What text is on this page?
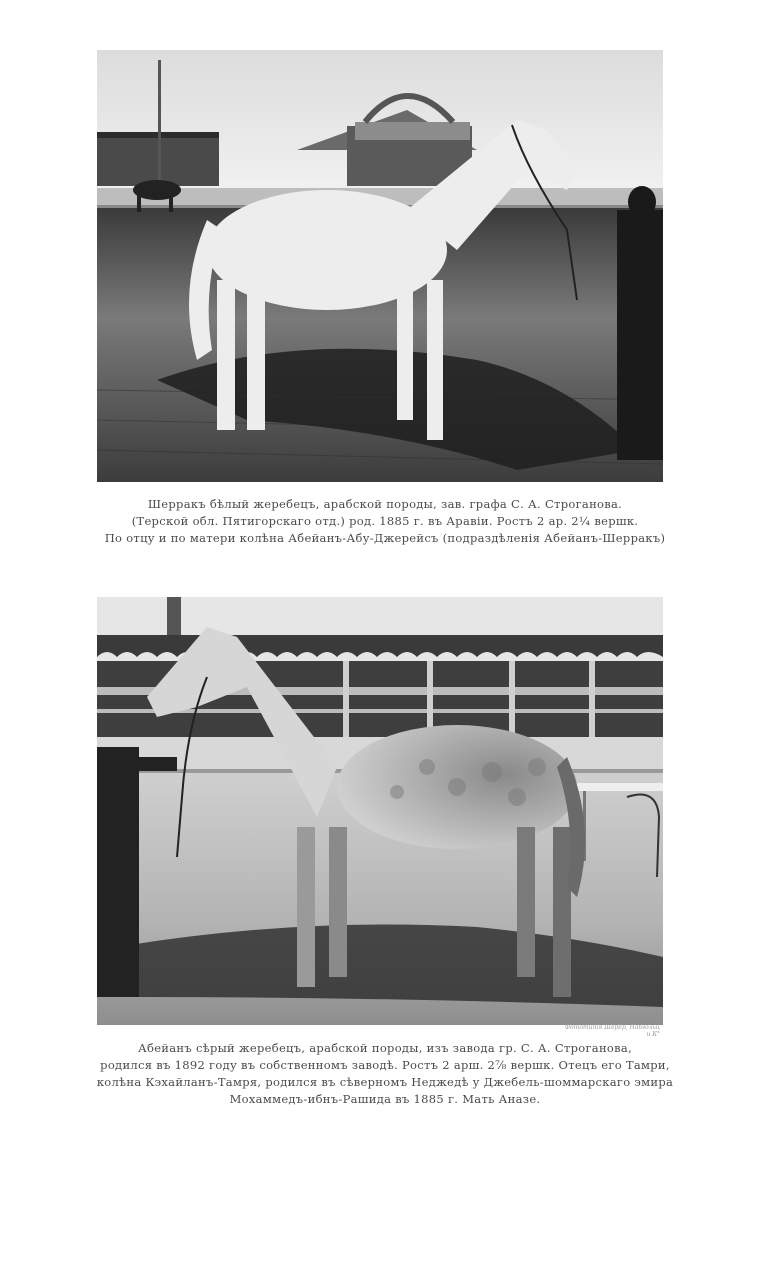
Шерракъ бѣлый жеребецъ, арабской породы, зав. графа С. А. Строганова.
(Терской обл. Пятигорскаго отд.) род. 1885 г. въ Аравіи. Ростъ 2 ар. 2¼ вершк.
По отцу и по матери колѣна Абейанъ-Абу-Джерейсъ (подраздѣленія Абейанъ-Шерракъ)
Фототипія Шерер, Набгольц и К°
Абейанъ сѣрый жеребецъ, арабской породы, изъ завода гр. С. А. Строганова,
родился въ 1892 году въ собственномъ заводѣ. Ростъ 2 арш. 2⅞ вершк. Отецъ его Тамри,
колѣна Кэхайланъ-Тамря, родился въ сѣверномъ Неджедѣ у Джебель-шоммарскаго эмира
Мохаммедъ-ибнъ-Рашида въ 1885 г. Мать Аназе.
